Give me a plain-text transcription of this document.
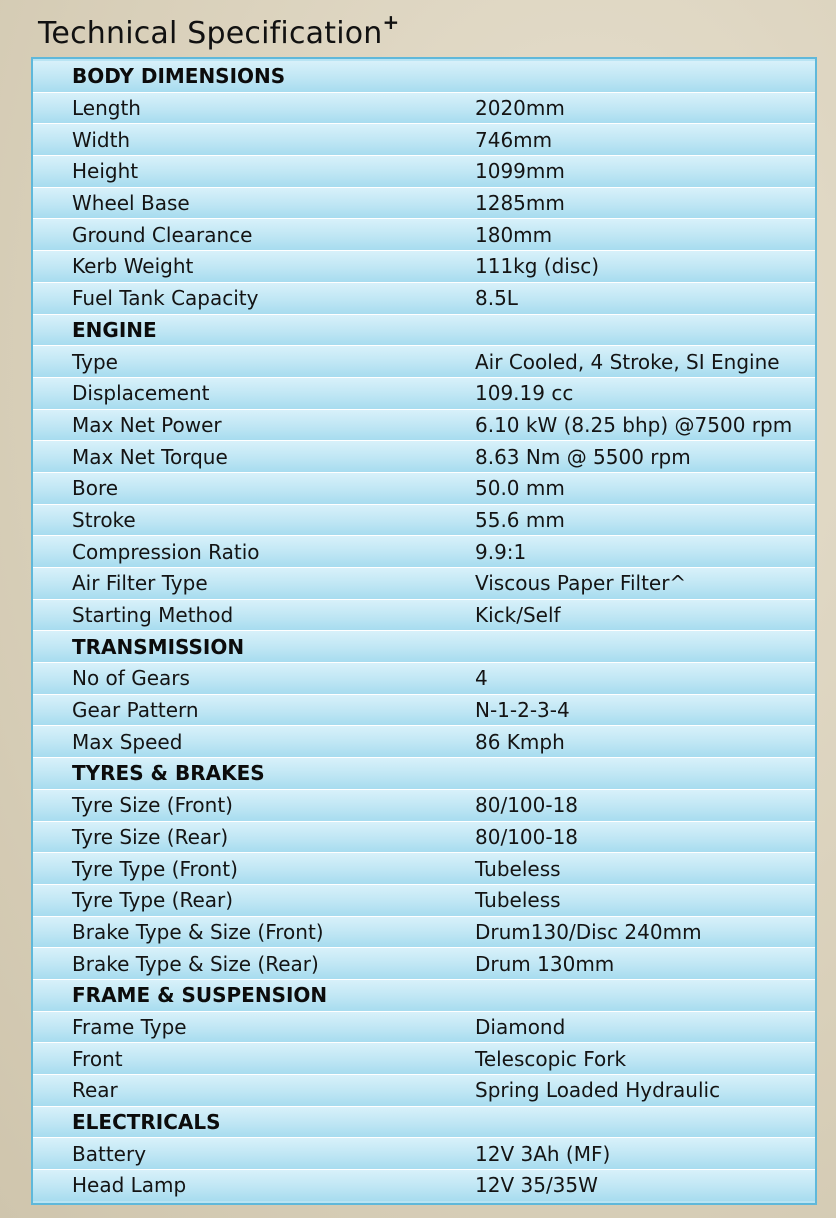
Technical Specification+
BODY DIMENSIONS
Length	2020mm
Width	746mm
Height	1099mm
Wheel Base	1285mm
Ground Clearance	180mm
Kerb Weight	111kg (disc)
Fuel Tank Capacity	8.5L
ENGINE
Type	Air Cooled, 4 Stroke, SI Engine
Displacement	109.19 cc
Max Net Power	6.10 kW (8.25 bhp) @7500 rpm
Max Net Torque	8.63 Nm @ 5500 rpm
Bore	50.0 mm
Stroke	55.6 mm
Compression Ratio	9.9:1
Air Filter Type	Viscous Paper Filter^
Starting Method	Kick/Self
TRANSMISSION
No of Gears	4
Gear Pattern	N-1-2-3-4
Max Speed	86 Kmph
TYRES & BRAKES
Tyre Size (Front)	80/100-18
Tyre Size (Rear)	80/100-18
Tyre Type (Front)	Tubeless
Tyre Type (Rear)	Tubeless
Brake Type & Size (Front)	Drum130/Disc 240mm
Brake Type & Size (Rear)	Drum 130mm
FRAME & SUSPENSION
Frame Type	Diamond
Front	Telescopic Fork
Rear	Spring Loaded Hydraulic
ELECTRICALS
Battery	12V 3Ah (MF)
Head Lamp	12V 35/35W
